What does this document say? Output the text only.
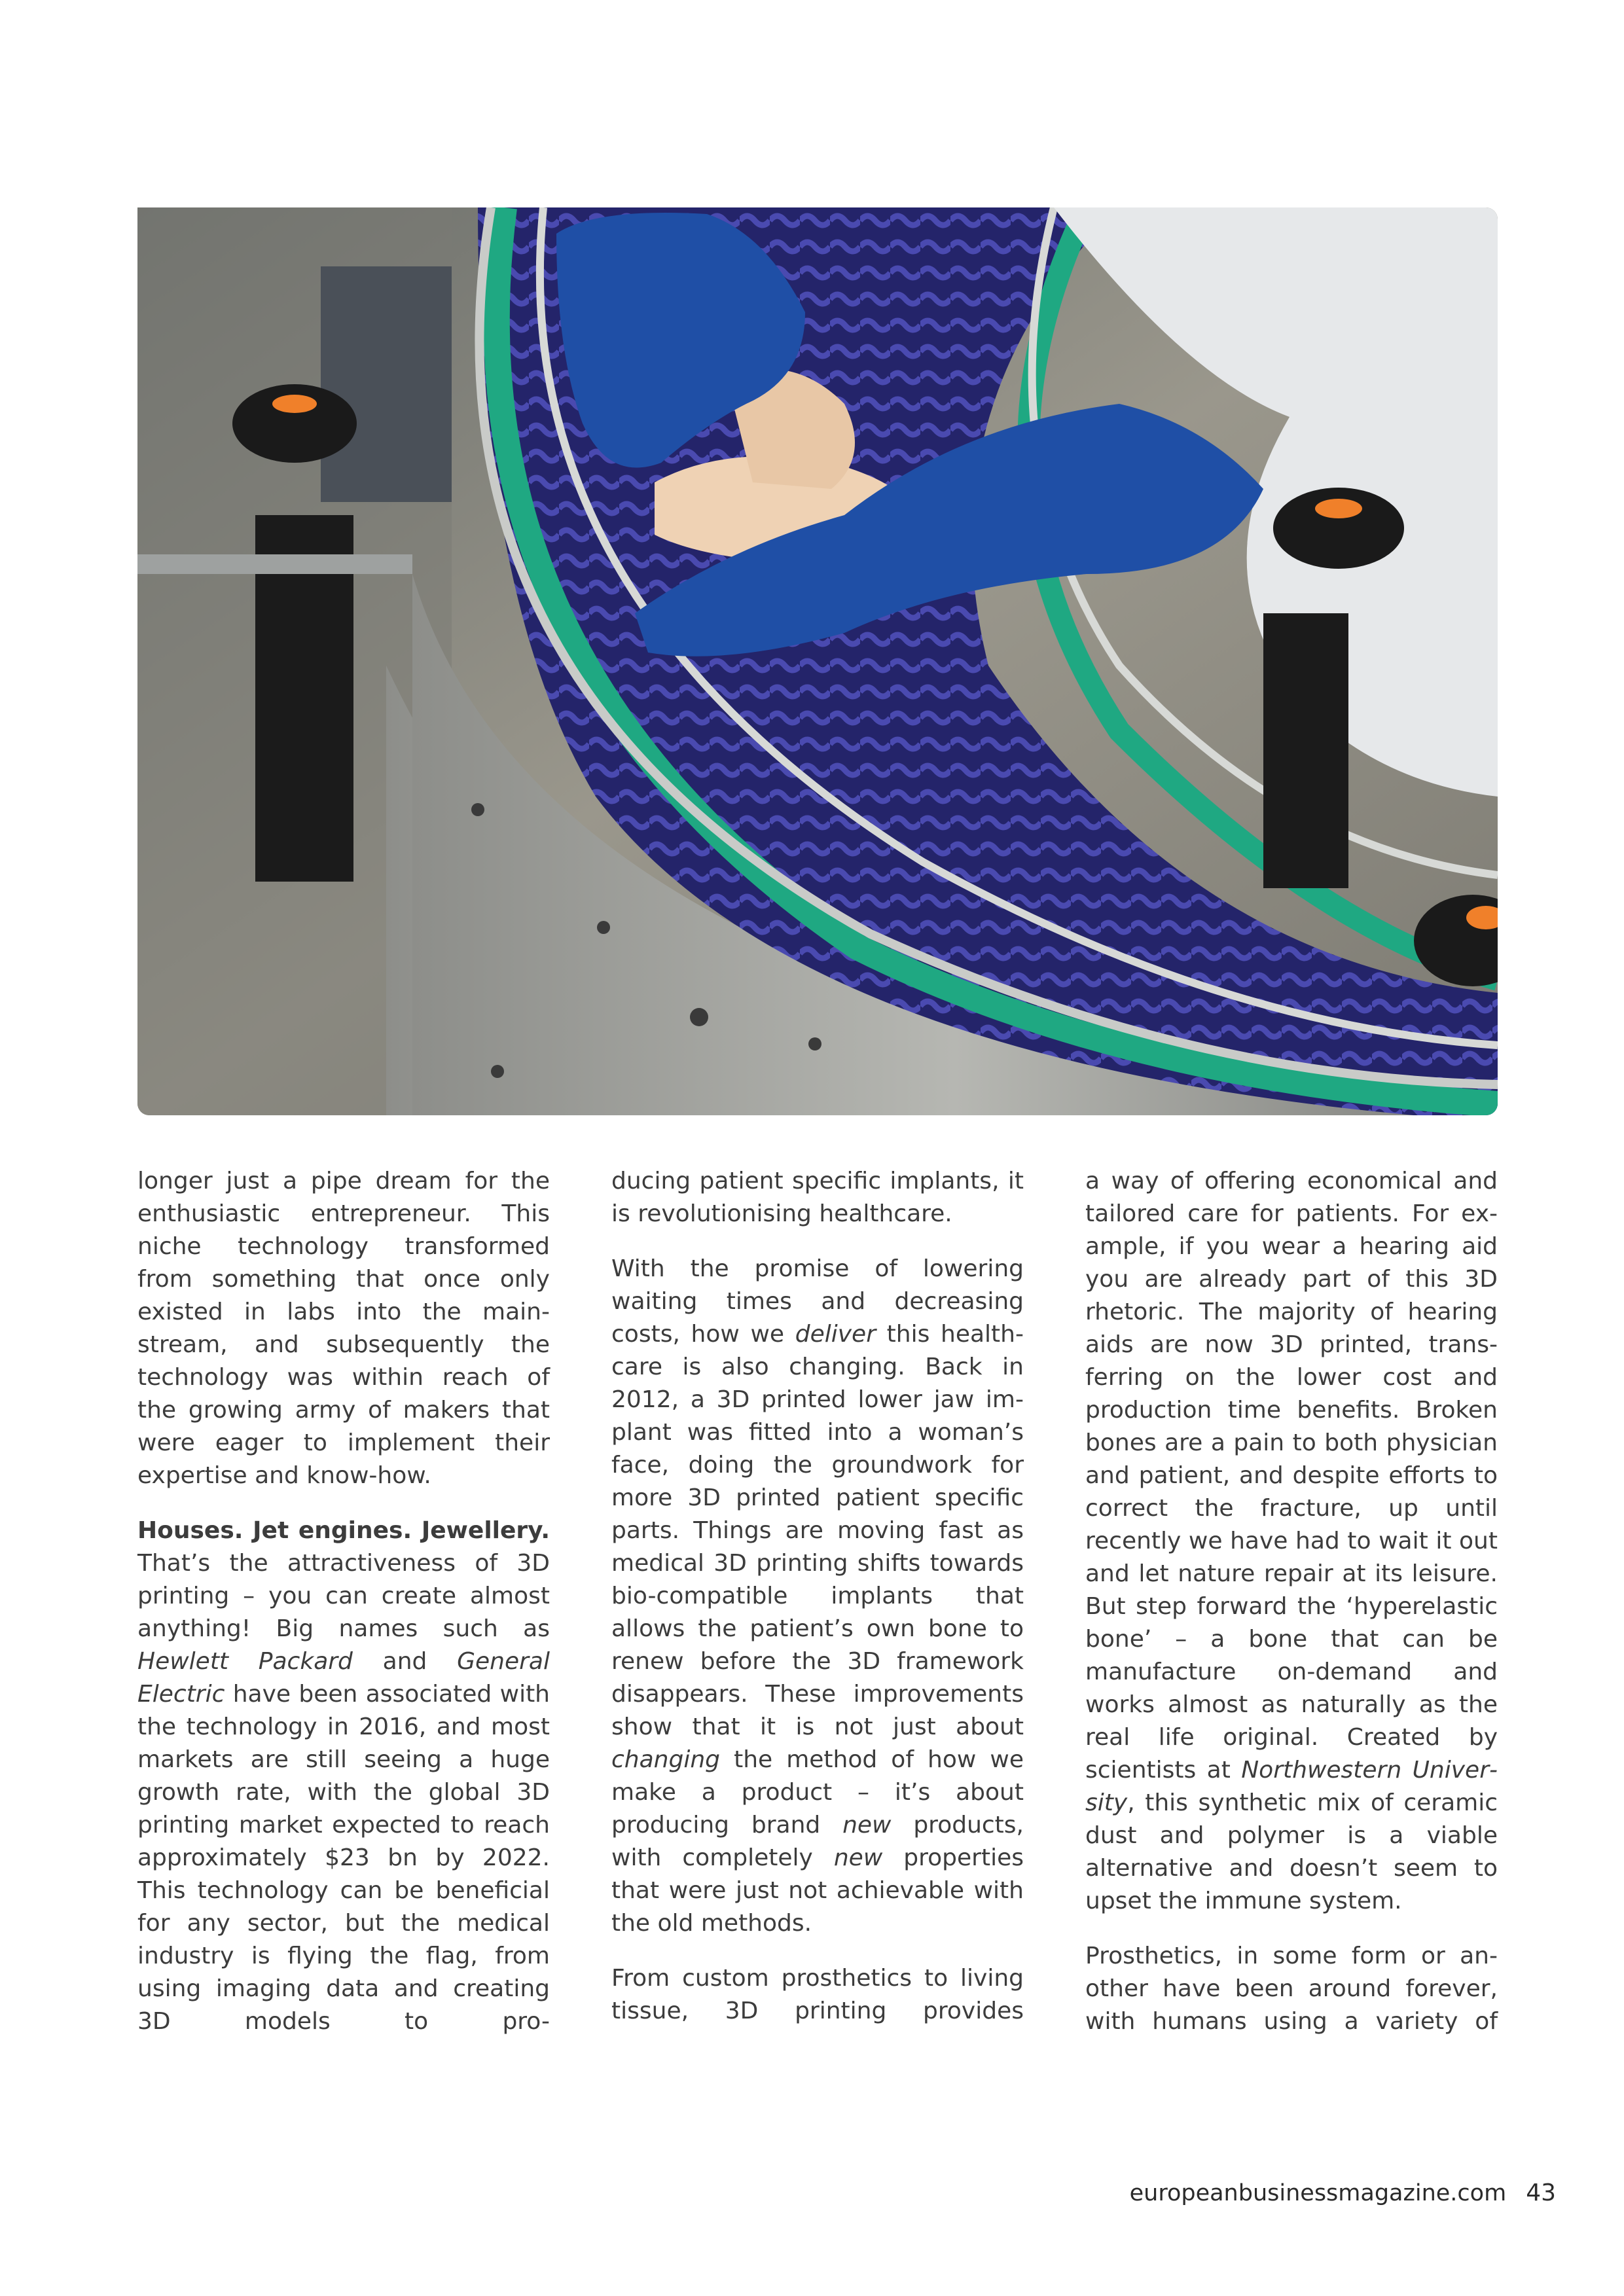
longer just a pipe dream for the enthusiastic entrepreneur. This niche technology transformed from something that once only existed in labs into the mainstream, and subsequently the technology was within reach of the growing army of makers that were eager to implement their expertise and know-how.

Houses. Jet engines. Jewellery. That’s the attractiveness of 3D printing – you can create almost anything! Big names such as Hewlett Packard and General Electric have been associated with the technology in 2016, and most markets are still seeing a huge growth rate, with the global 3D printing market expected to reach approximately $23 bn by 2022. This technology can be beneficial for any sector, but the medical industry is flying the flag, from using imaging data and creating 3D models to pro-

ducing patient specific implants, it is revolutionising healthcare.

With the promise of lowering waiting times and decreasing costs, how we deliver this healthcare is also changing. Back in 2012, a 3D printed lower jaw implant was fitted into a woman’s face, doing the groundwork for more 3D printed patient specific parts. Things are moving fast as medical 3D printing shifts towards bio-compatible implants that allows the patient’s own bone to renew before the 3D framework disappears. These improvements show that it is not just about changing the method of how we make a product – it’s about producing brand new products, with completely new properties that were just not achievable with the old methods.

From custom prosthetics to living tissue, 3D printing provides

a way of offering economical and tailored care for patients. For example, if you wear a hearing aid you are already part of this 3D rhetoric. The majority of hearing aids are now 3D printed, transferring on the lower cost and production time benefits. Broken bones are a pain to both physician and patient, and despite efforts to correct the fracture, up until recently we have had to wait it out and let nature repair at its leisure. But step forward the ‘hyperelastic bone’ – a bone that can be manufacture on-demand and works almost as naturally as the real life original. Created by scientists at Northwestern University, this synthetic mix of ceramic dust and polymer is a viable alternative and doesn’t seem to upset the immune system.

Prosthetics, in some form or another have been around forever, with humans using a variety of

europeanbusinessmagazine.com 43
